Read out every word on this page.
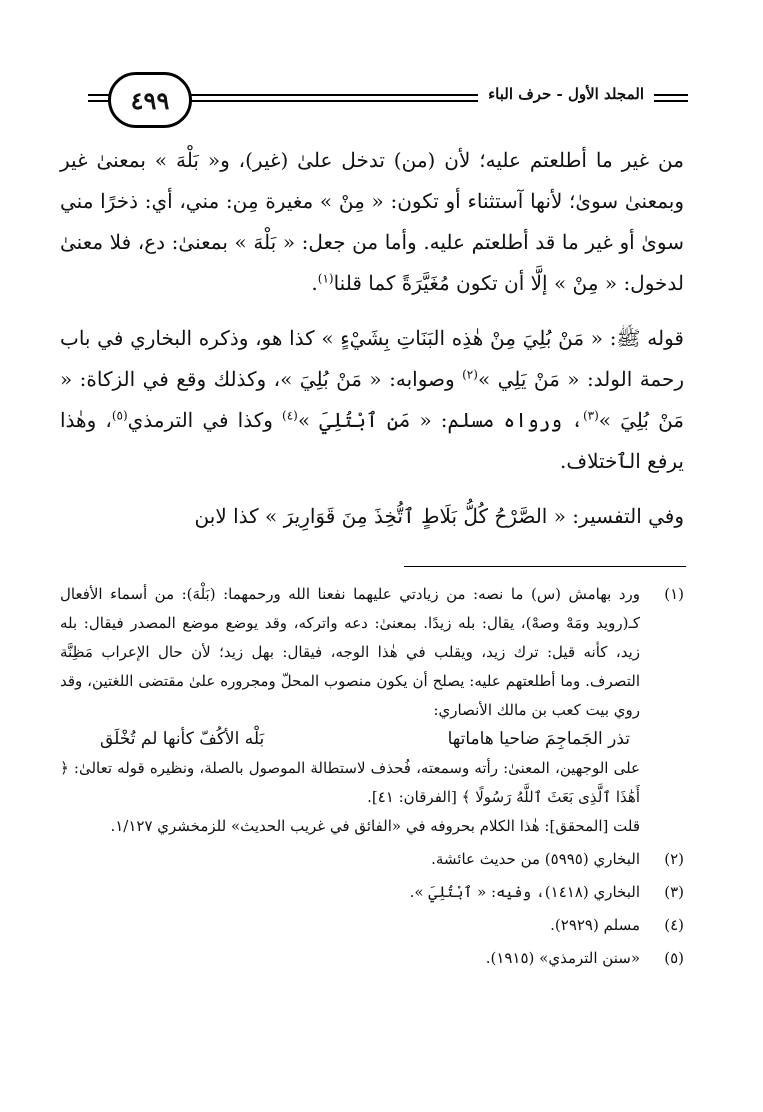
٤٩٩	المجلد الأول - حرف الباء

من غير ما أطلعتم عليه؛ لأن (من) تدخل علىٰ (غير)، و« بَلْهَ » بمعنىٰ غير وبمعنىٰ سوىٰ؛ لأنها آستثناء أو تكون: « مِنْ » مغيرة مِن: مني، أي: ذخرًا مني سوىٰ أو غير ما قد أطلعتم عليه. وأما من جعل: « بَلْهَ » بمعنىٰ: دع، فلا معنىٰ لدخول: « مِنْ » إلَّا أن تكون مُغَيَّرَةً كما قلنا$^{(١)}$.

قوله ﷺ: « مَنْ بُلِيَ مِنْ هٰذِه البَنَاتِ بِشَيْءٍ » كذا هو، وذكره البخاري في باب رحمة الولد: « مَنْ يَلِي »$^{(٢)}$ وصوابه: « مَنْ بُلِيَ »، وكذلك وقع في الزكاة: « مَنْ بُلِيَ »$^{(٣)}$، ورواه مسلم: « مَنِ ٱبْتُلِيَ »$^{(٤)}$ وكذا في الترمذي$^{(٥)}$، وهٰذا يرفع الٱختلاف.

وفي التفسير: « الصَّرْحُ كُلُّ بَلَاطٍ ٱتُّخِذَ مِنَ قَوَارِيرَ » كذا لابن

(١)

ورد بهامش (س) ما نصه: من زيادتي عليهما نفعنا الله ورحمهما: (بَلْهَ): من أسماء الأفعال كـ(رويد ومَهْ وصهْ)، يقال: بله زيدًا. بمعنىٰ: دعه واتركه، وقد يوضع موضع المصدر فيقال: بله زيد، كأنه قيل: ترك زيد، ويقلب في هٰذا الوجه، فيقال: بهل زيد؛ لأن حال الإعراب مَظِنَّة التصرف. وما أطلعتهم عليه: يصلح أن يكون منصوب المحلّ ومجروره علىٰ مقتضى اللغتين، وقد روي بيت كعب بن مالك الأنصاري:

تذر الجَماجِمَ ضاحيا هاماتها
بَلْه الأكُفّ كأنها لم تُخْلَق

على الوجهين، المعنىٰ: رأته وسمعته، فُحذف لاستطالة الموصول بالصلة، ونظيره قوله تعالىٰ: ﴿ أَهَٰذَا ٱلَّذِى بَعَثَ ٱللَّهُ رَسُولًا ﴾ [الفرقان: ٤١].

قلت [المحقق]: هٰذا الكلام بحروفه في «الفائق في غريب الحديث» للزمخشري ١/١٢٧.

(٢)
البخاري (٥٩٩٥) من حديث عائشة.
(٣)
البخاري (١٤١٨)، وفيه: « ٱبْتُلِيَ ».
(٤)
مسلم (٢٩٢٩).
(٥)
«سنن الترمذي» (١٩١٥).
